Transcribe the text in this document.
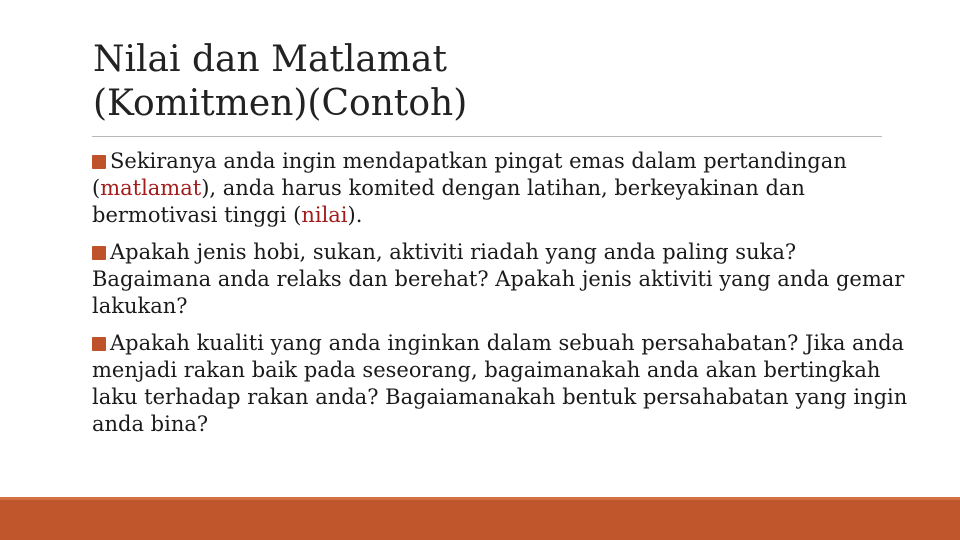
Nilai dan Matlamat
(Komitmen)(Contoh)
Sekiranya anda ingin mendapatkan pingat emas dalam pertandingan (matlamat), anda harus komited dengan latihan, berkeyakinan dan bermotivasi tinggi (nilai).
Apakah jenis hobi, sukan, aktiviti riadah yang anda paling suka? Bagaimana anda relaks dan berehat? Apakah jenis aktiviti yang anda gemar lakukan?
Apakah kualiti yang anda inginkan dalam sebuah persahabatan? Jika anda menjadi rakan baik pada seseorang, bagaimanakah anda akan bertingkah laku terhadap rakan anda? Bagaiamanakah bentuk persahabatan yang ingin anda bina?
